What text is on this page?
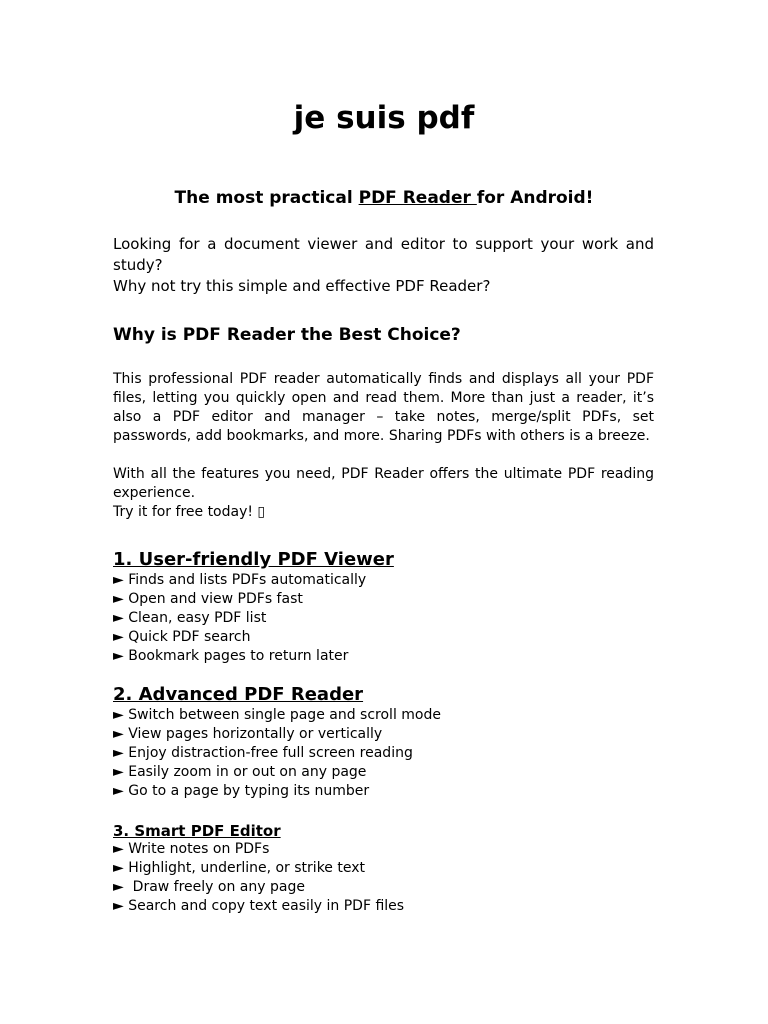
je suis pdf
The most practical PDF Reader for Android!

Looking for a document viewer and editor to support your work and study?

Why not try this simple and effective PDF Reader?

Why is PDF Reader the Best Choice?

This professional PDF reader automatically finds and displays all your PDF files, letting you quickly open and read them. More than just a reader, it’s also a PDF editor and manager – take notes, merge/split PDFs, set passwords, add bookmarks, and more. Sharing PDFs with others is a breeze.

With all the features you need, PDF Reader offers the ultimate PDF reading experience.

Try it for free today! ▯

1. User-friendly PDF Viewer
► Finds and lists PDFs automatically
► Open and view PDFs fast
► Clean, easy PDF list
► Quick PDF search
► Bookmark pages to return later
2. Advanced PDF Reader
► Switch between single page and scroll mode
► View pages horizontally or vertically
► Enjoy distraction-free full screen reading
► Easily zoom in or out on any page
► Go to a page by typing its number
3. Smart PDF Editor
► Write notes on PDFs
► Highlight, underline, or strike text
►  Draw freely on any page
► Search and copy text easily in PDF files
